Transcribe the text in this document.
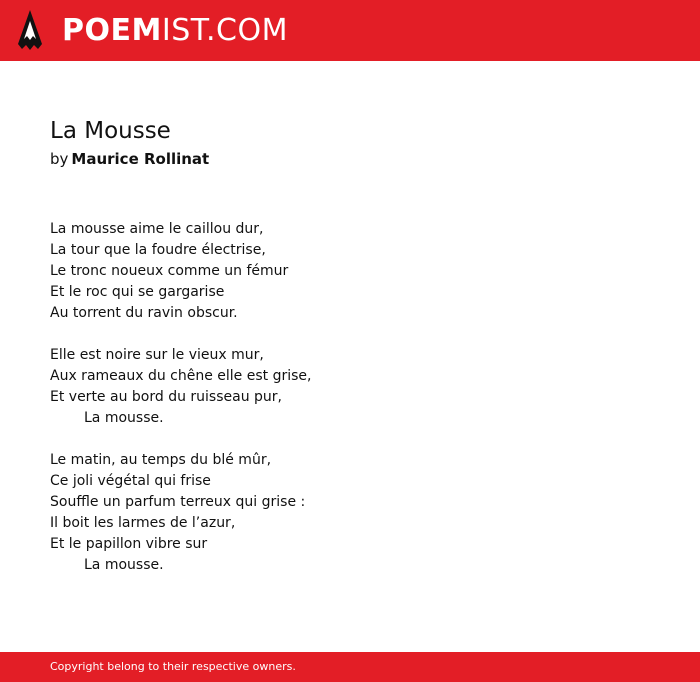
POEMIST.COM
La Mousse
by Maurice Rollinat
La mousse aime le caillou dur,
La tour que la foudre électrise,
Le tronc noueux comme un fémur
Et le roc qui se gargarise
Au torrent du ravin obscur.
Elle est noire sur le vieux mur,
Aux rameaux du chêne elle est grise,
Et verte au bord du ruisseau pur,
La mousse.
Le matin, au temps du blé mûr,
Ce joli végétal qui frise
Souffle un parfum terreux qui grise :
Il boit les larmes de l’azur,
Et le papillon vibre sur
La mousse.
Copyright belong to their respective owners.
